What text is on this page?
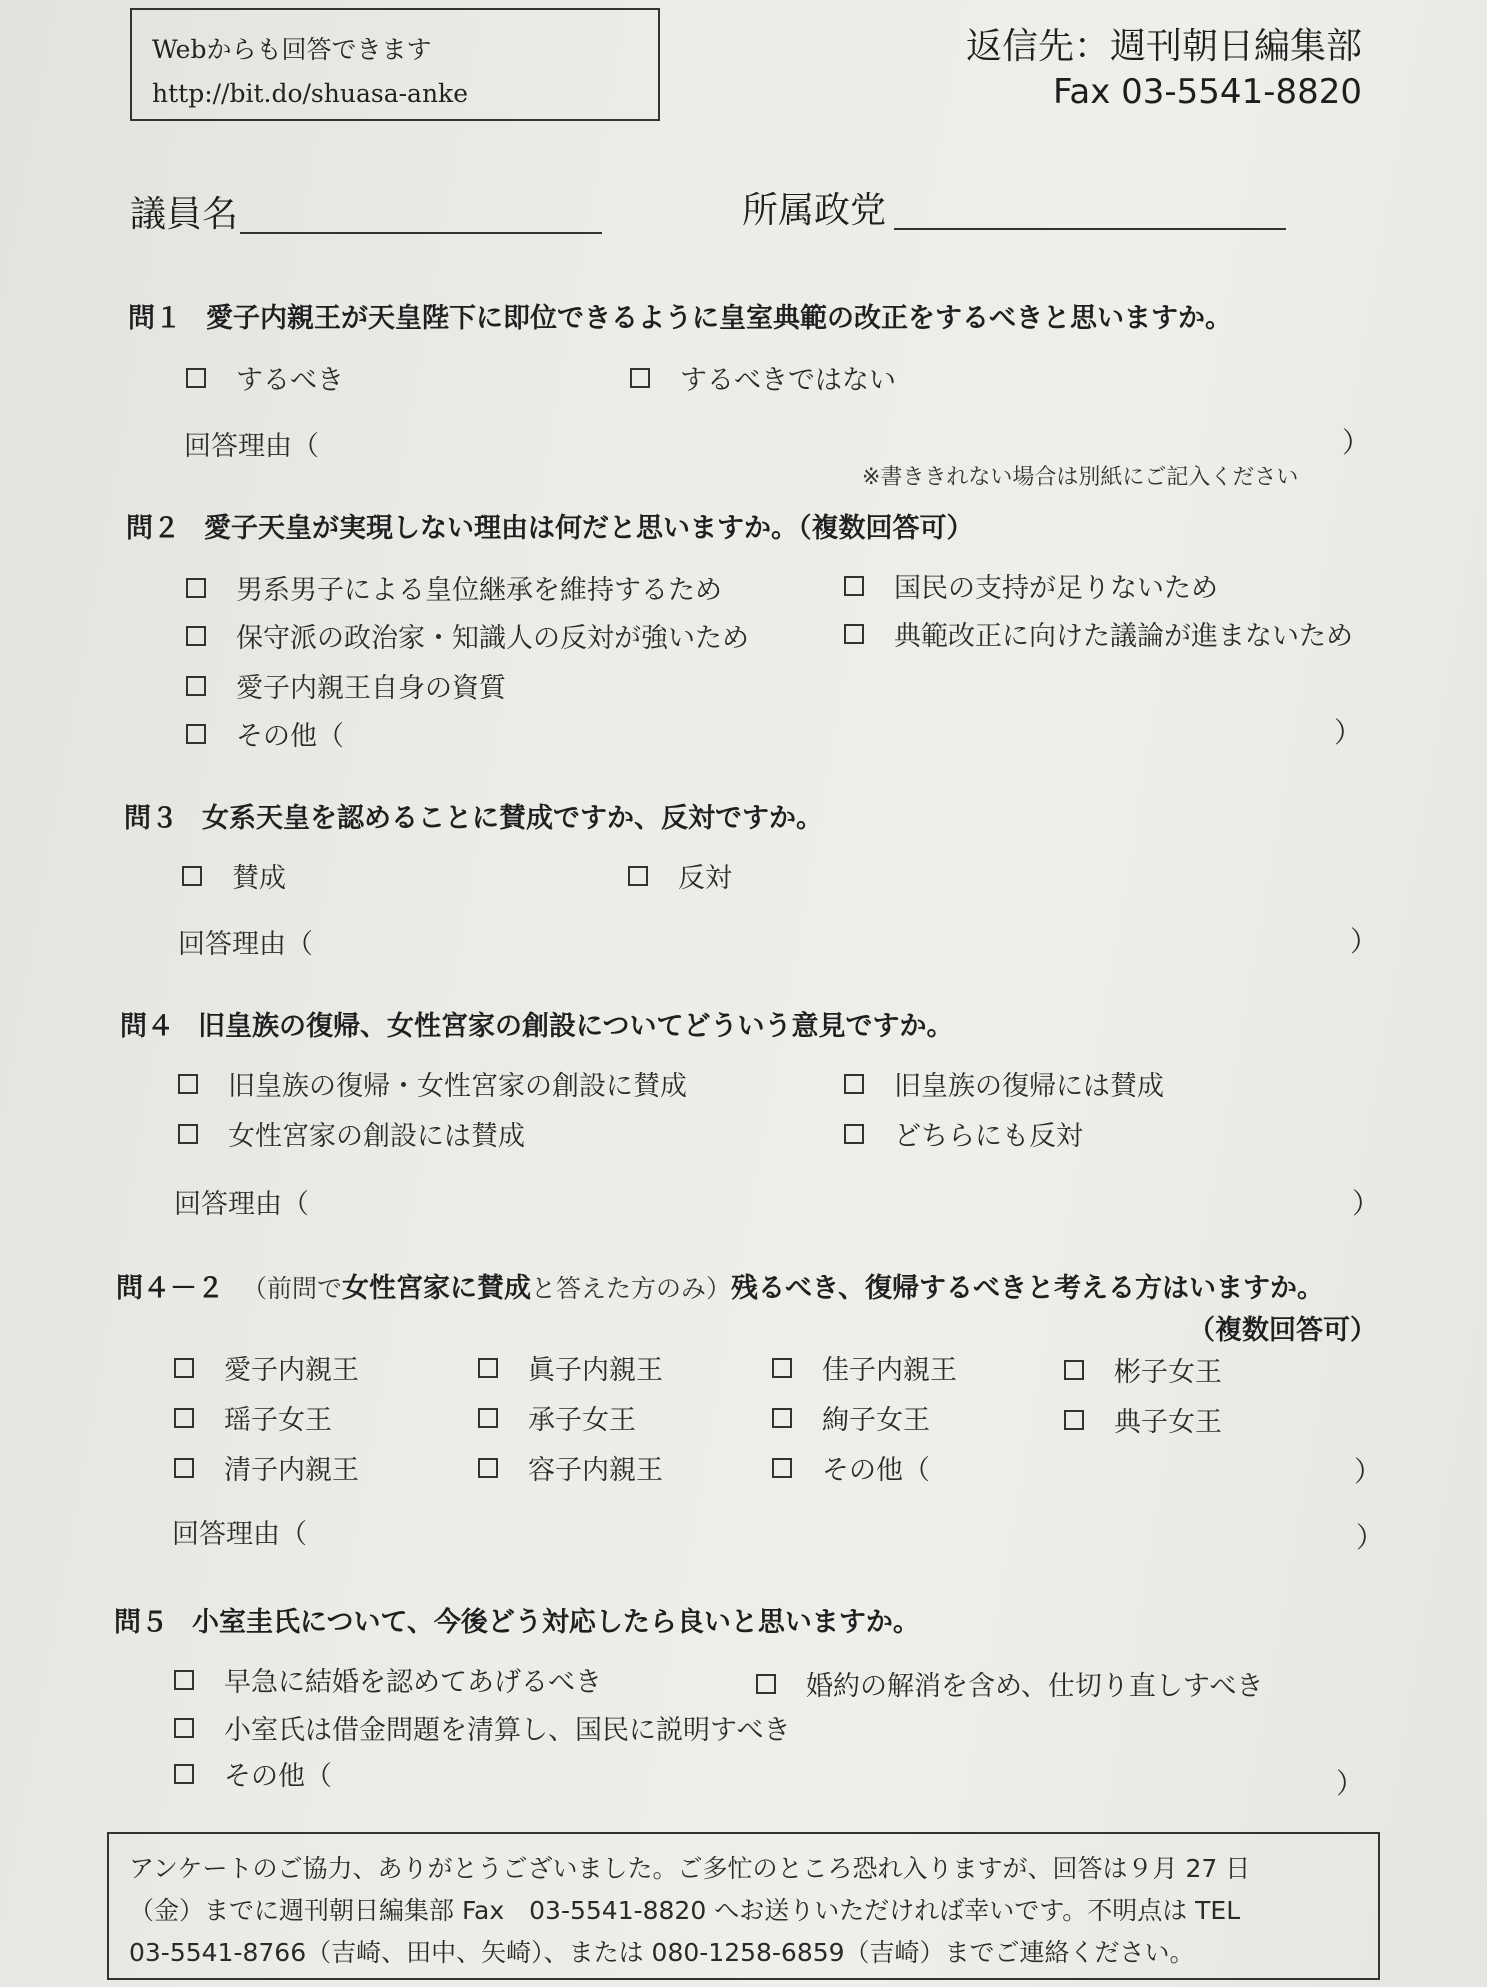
Webからも回答できます
http://bit.do/shuasa-anke
返信先：週刊朝日編集部
Fax 03-5541-8820
議員名	所属政党
問１ 愛子内親王が天皇陛下に即位できるように皇室典範の改正をするべきと思いますか。
するべき	するべきではない
回答理由（	）
※書ききれない場合は別紙にご記入ください
問２ 愛子天皇が実現しない理由は何だと思いますか。（複数回答可）
男系男子による皇位継承を維持するため	国民の支持が足りないため
保守派の政治家・知識人の反対が強いため	典範改正に向けた議論が進まないため
愛子内親王自身の資質
その他（	）
問３ 女系天皇を認めることに賛成ですか、反対ですか。
賛成	反対
回答理由（	）
問４ 旧皇族の復帰、女性宮家の創設についてどういう意見ですか。
旧皇族の復帰・女性宮家の創設に賛成	旧皇族の復帰には賛成
女性宮家の創設には賛成	どちらにも反対
回答理由（	）
問４－２ （前問で女性宮家に賛成と答えた方のみ）残るべき、復帰するべきと考える方はいますか。
（複数回答可）
愛子内親王	眞子内親王	佳子内親王	彬子女王
瑶子女王	承子女王	絢子女王	典子女王
清子内親王	容子内親王	その他（	）
回答理由（	）
問５ 小室圭氏について、今後どう対応したら良いと思いますか。
早急に結婚を認めてあげるべき	婚約の解消を含め、仕切り直しすべき
小室氏は借金問題を清算し、国民に説明すべき
その他（	）
アンケートのご協力、ありがとうございました。ご多忙のところ恐れ入りますが、回答は９月 27 日
（金）までに週刊朝日編集部 Fax　03-5541-8820 へお送りいただければ幸いです。不明点は TEL
03-5541-8766（吉崎、田中、矢崎）、または 080-1258-6859（吉崎）までご連絡ください。
